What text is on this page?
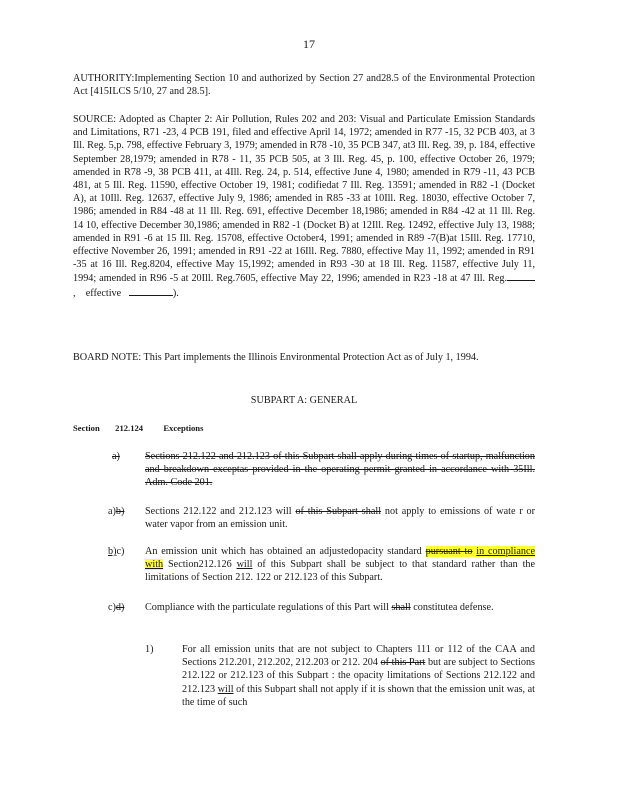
17
AUTHORITY:Implementing Section 10 and authorized by Section 27 and28.5 of the Environmental Protection Act [415ILCS 5/10, 27 and 28.5].
SOURCE: Adopted as Chapter 2: Air Pollution, Rules 202 and 203: Visual and Particulate Emission Standards and Limitations, R71 -23, 4 PCB 191, filed and effective April 14, 1972; amended in R77 -15, 32 PCB 403, at 3 Ill. Reg. 5,p. 798, effective February 3, 1979; amended in R78 -10, 35 PCB 347, at3 Ill. Reg. 39, p. 184, effective September 28,1979; amended in R78 - 11, 35 PCB 505, at 3 Ill. Reg. 45, p. 100, effective October 26, 1979; amended in R78 -9, 38 PCB 411, at 4Ill. Reg. 24, p. 514, effective June 4, 1980; amended in R79 -11, 43 PCB 481, at 5 Ill. Reg. 11590, effective October 19, 1981; codifiedat 7 Ill. Reg. 13591; amended in R82 -1 (Docket A), at 10Ill. Reg. 12637, effective July 9, 1986; amended in R85 -33 at 10Ill. Reg. 18030, effective October 7, 1986; amended in R84 -48 at 11 Ill. Reg. 691, effective December 18,1986; amended in R84 -42 at 11 Ill. Reg. 14 10, effective December 30,1986; amended in R82 -1 (Docket B) at 12Ill. Reg. 12492, effective July 13, 1988; amended in R91 -6 at 15 Ill. Reg. 15708, effective October4, 1991; amended in R89 -7(B)at 15Ill. Reg. 17710, effective November 26, 1991; amended in R91 -22 at 16Ill. Reg. 7880, effective May 11, 1992; amended in R91 -35 at 16 Ill. Reg.8204, effective May 15,1992; amended in R93 -30 at 18 Ill. Reg. 11587, effective July 11, 1994; amended in R96 -5 at 20Ill. Reg.7605, effective May 22, 1996; amended in R23 -18 at 47 Ill. Reg., effective	).
BOARD NOTE: This Part implements the Illinois Environmental Protection Act as of July 1, 1994.
SUBPART A: GENERAL
Section 212.124 Exceptions
a) Sections 212.122 and 212.123 of this Subpart shall apply during times of startup, malfunction and breakdown exceptas provided in the operating permit granted in accordance with 35Ill. Adm. Code 201.
a)b) Sections 212.122 and 212.123 will of this Subpart shall not apply to emissions of wate r or water vapor from an emission unit.
b)c) An emission unit which has obtained an adjustedopacity standard pursuant to in compliance with Section212.126 will of this Subpart shall be subject to that standard rather than the limitations of Section 212. 122 or 212.123 of this Subpart.
c)d) Compliance with the particulate regulations of this Part will shall constitutea defense.
1)	For all emission units that are not subject to Chapters 111 or 112 of the CAA and Sections 212.201, 212.202, 212.203 or 212. 204 of this Part but are subject to Sections 212.122 or 212.123 of this Subpart : the opacity limitations of Sections 212.122 and 212.123 will of this Subpart shall not apply if it is shown that the emission unit was, at the time of such
